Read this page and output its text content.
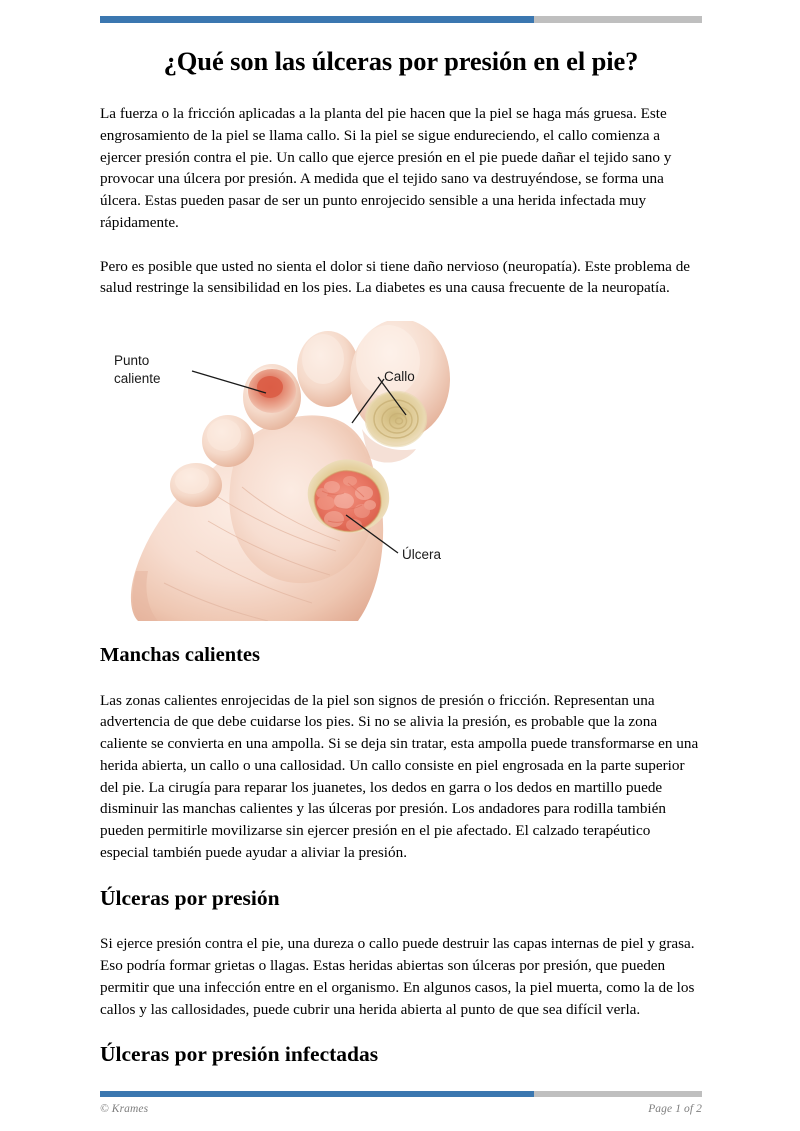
¿Qué son las úlceras por presión en el pie?

La fuerza o la fricción aplicadas a la planta del pie hacen que la piel se haga más gruesa. Este engrosamiento de la piel se llama callo. Si la piel se sigue endureciendo, el callo comienza a ejercer presión contra el pie. Un callo que ejerce presión en el pie puede dañar el tejido sano y provocar una úlcera por presión. A medida que el tejido sano va destruyéndose, se forma una úlcera. Estas pueden pasar de ser un punto enrojecido sensible a una herida infectada muy rápidamente.

Pero es posible que usted no sienta el dolor si tiene daño nervioso (neuropatía). Este problema de salud restringe la sensibilidad en los pies. La diabetes es una causa frecuente de la neuropatía.

Punto
caliente	Callo
Úlcera
Manchas calientes

Las zonas calientes enrojecidas de la piel son signos de presión o fricción. Representan una advertencia de que debe cuidarse los pies. Si no se alivia la presión, es probable que la zona caliente se convierta en una ampolla. Si se deja sin tratar, esta ampolla puede transformarse en una herida abierta, un callo o una callosidad. Un callo consiste en piel engrosada en la parte superior del pie. La cirugía para reparar los juanetes, los dedos en garra o los dedos en martillo puede disminuir las manchas calientes y las úlceras por presión. Los andadores para rodilla también pueden permitirle movilizarse sin ejercer presión en el pie afectado. El calzado terapéutico especial también puede ayudar a aliviar la presión.

Úlceras por presión

Si ejerce presión contra el pie, una dureza o callo puede destruir las capas internas de piel y grasa. Eso podría formar grietas o llagas. Estas heridas abiertas son úlceras por presión, que pueden permitir que una infección entre en el organismo. En algunos casos, la piel muerta, como la de los callos y las callosidades, puede cubrir una herida abierta al punto de que sea difícil verla.

Úlceras por presión infectadas
© Krames	Page 1 of 2
